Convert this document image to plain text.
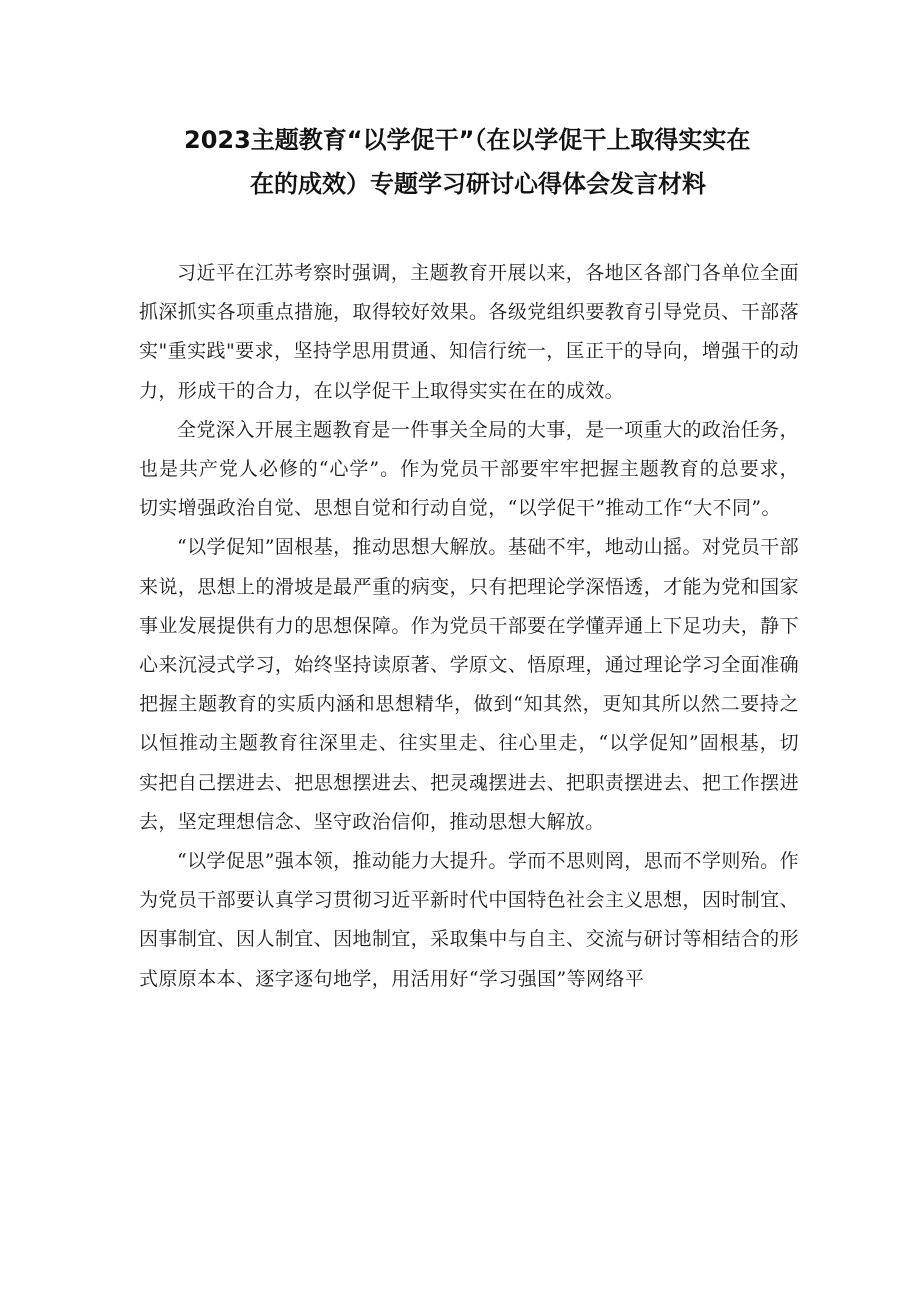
2023主题教育“以学促干”（在以学促干上取得实实在
在的成效）专题学习研讨心得体会发言材料

习近平在江苏考察时强调，主题教育开展以来，各地区各部门各单位全面抓深抓实各项重点措施，取得较好效果。各级党组织要教育引导党员、干部落实"重实践"要求，坚持学思用贯通、知信行统一，匡正干的导向，增强干的动力，形成干的合力，在以学促干上取得实实在在的成效。

全党深入开展主题教育是一件事关全局的大事，是一项重大的政治任务，也是共产党人必修的“心学”。作为党员干部要牢牢把握主题教育的总要求，切实增强政治自觉、思想自觉和行动自觉，“以学促干”推动工作“大不同”。

“以学促知”固根基，推动思想大解放。基础不牢，地动山摇。对党员干部来说，思想上的滑坡是最严重的病变，只有把理论学深悟透，才能为党和国家事业发展提供有力的思想保障。作为党员干部要在学懂弄通上下足功夫，静下心来沉浸式学习，始终坚持读原著、学原文、悟原理，通过理论学习全面准确把握主题教育的实质内涵和思想精华，做到“知其然，更知其所以然二要持之以恒推动主题教育往深里走、往实里走、往心里走，“以学促知”固根基，切实把自己摆进去、把思想摆进去、把灵魂摆进去、把职责摆进去、把工作摆进去，坚定理想信念、坚守政治信仰，推动思想大解放。

“以学促思”强本领，推动能力大提升。学而不思则罔，思而不学则殆。作为党员干部要认真学习贯彻习近平新时代中国特色社会主义思想，因时制宜、因事制宜、因人制宜、因地制宜，采取集中与自主、交流与研讨等相结合的形式原原本本、逐字逐句地学，用活用好“学习强国”等网络平
